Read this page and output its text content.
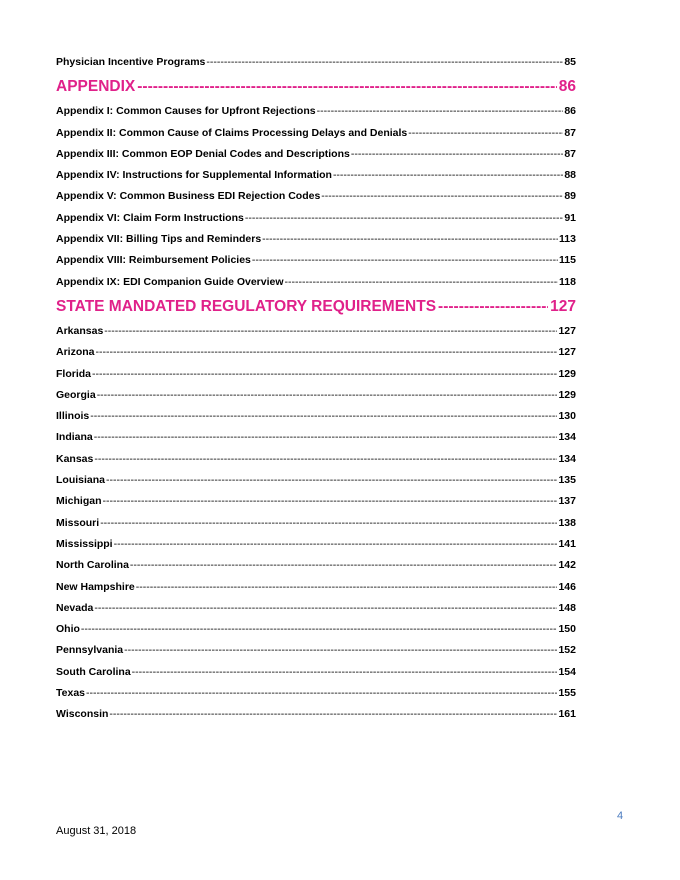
Physician Incentive Programs -----	85
APPENDIX -----	86
Appendix I: Common Causes for Upfront Rejections -----	86
Appendix II: Common Cause of Claims Processing Delays and Denials -----	87
Appendix III: Common EOP Denial Codes and Descriptions -----	87
Appendix IV: Instructions for Supplemental Information -----	88
Appendix V: Common Business EDI Rejection Codes -----	89
Appendix VI: Claim Form Instructions -----	91
Appendix VII: Billing Tips and Reminders -----	113
Appendix VIII: Reimbursement Policies -----	115
Appendix IX: EDI Companion Guide Overview -----	118
STATE MANDATED REGULATORY REQUIREMENTS -----	127
Arkansas -----	127
Arizona -----	127
Florida -----	129
Georgia -----	129
Illinois -----	130
Indiana -----	134
Kansas -----	134
Louisiana -----	135
Michigan -----	137
Missouri -----	138
Mississippi -----	141
North Carolina -----	142
New Hampshire -----	146
Nevada -----	148
Ohio -----	150
Pennsylvania -----	152
South Carolina -----	154
Texas -----	155
Wisconsin -----	161
4
August 31, 2018
